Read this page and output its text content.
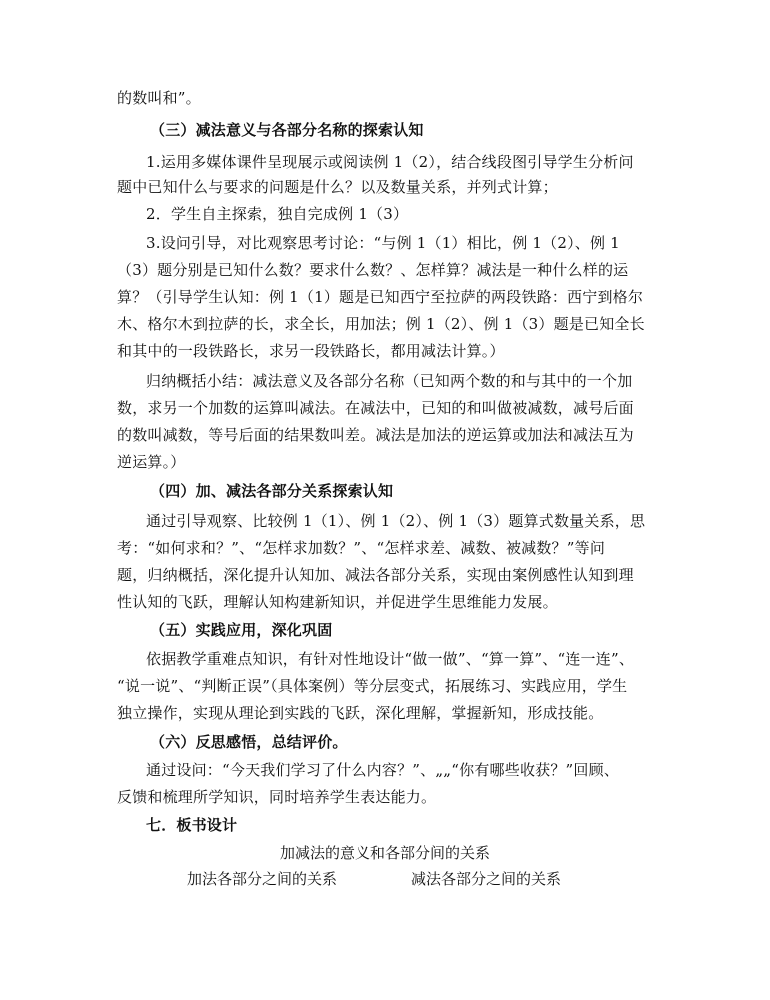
的数叫和”。
（三）减法意义与各部分名称的探索认知
1.运用多媒体课件呈现展示或阅读例 1（2），结合线段图引导学生分析问
题中已知什么与要求的问题是什么？以及数量关系，并列式计算；
2．学生自主探索，独自完成例 1（3）
3.设问引导，对比观察思考讨论：“与例 1（1）相比，例 1（2）、例 1
（3）题分别是已知什么数？要求什么数？、怎样算？减法是一种什么样的运
算？（引导学生认知：例 1（1）题是已知西宁至拉萨的两段铁路：西宁到格尔
木、格尔木到拉萨的长，求全长，用加法；例 1（2）、例 1（3）题是已知全长
和其中的一段铁路长，求另一段铁路长，都用减法计算。）
归纳概括小结：减法意义及各部分名称（已知两个数的和与其中的一个加
数，求另一个加数的运算叫减法。在减法中，已知的和叫做被减数，减号后面
的数叫减数，等号后面的结果数叫差。减法是加法的逆运算或加法和减法互为
逆运算。）
（四）加、减法各部分关系探索认知
通过引导观察、比较例 1（1）、例 1（2）、例 1（3）题算式数量关系，思
考：“如何求和？”、“怎样求加数？”、“怎样求差、减数、被减数？”等问
题，归纳概括，深化提升认知加、减法各部分关系，实现由案例感性认知到理
性认知的飞跃，理解认知构建新知识，并促进学生思维能力发展。
（五）实践应用，深化巩固
依据教学重难点知识，有针对性地设计“做一做”、“算一算”、“连一连”、
“说一说”、“判断正误”（具体案例）等分层变式，拓展练习、实践应用，学生
独立操作，实现从理论到实践的飞跃，深化理解，掌握新知，形成技能。
（六）反思感悟，总结评价。
通过设问：“今天我们学习了什么内容？”、„„“你有哪些收获？”回顾、
反馈和梳理所学知识，同时培养学生表达能力。
七．板书设计
加减法的意义和各部分间的关系
加法各部分之间的关系	减法各部分之间的关系
